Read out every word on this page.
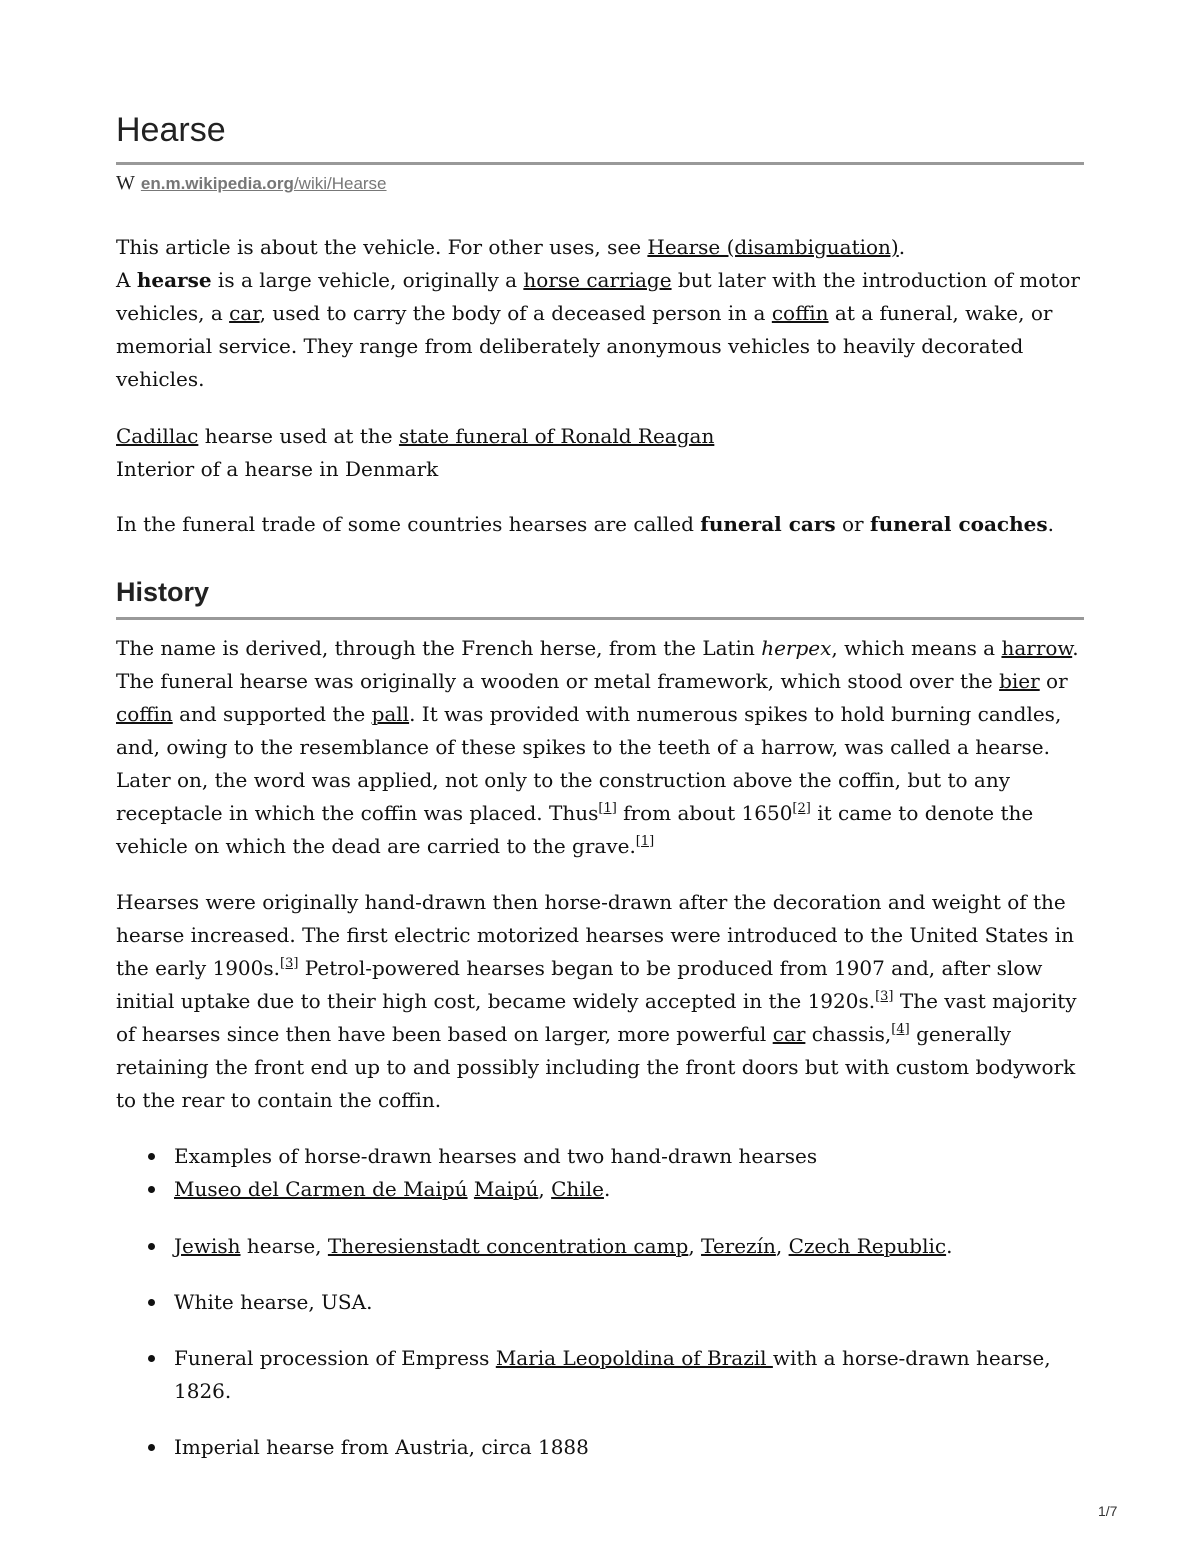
Hearse
W en.m.wikipedia.org/wiki/Hearse
This article is about the vehicle. For other uses, see Hearse (disambiguation).
A hearse is a large vehicle, originally a horse carriage but later with the introduction of motor vehicles, a car, used to carry the body of a deceased person in a coffin at a funeral, wake, or memorial service. They range from deliberately anonymous vehicles to heavily decorated vehicles.
Cadillac hearse used at the state funeral of Ronald Reagan
Interior of a hearse in Denmark
In the funeral trade of some countries hearses are called funeral cars or funeral coaches.
History
The name is derived, through the French herse, from the Latin herpex, which means a harrow. The funeral hearse was originally a wooden or metal framework, which stood over the bier or coffin and supported the pall. It was provided with numerous spikes to hold burning candles, and, owing to the resemblance of these spikes to the teeth of a harrow, was called a hearse. Later on, the word was applied, not only to the construction above the coffin, but to any receptacle in which the coffin was placed. Thus[1] from about 1650[2] it came to denote the vehicle on which the dead are carried to the grave.[1]
Hearses were originally hand-drawn then horse-drawn after the decoration and weight of the hearse increased. The first electric motorized hearses were introduced to the United States in the early 1900s.[3] Petrol-powered hearses began to be produced from 1907 and, after slow initial uptake due to their high cost, became widely accepted in the 1920s.[3] The vast majority of hearses since then have been based on larger, more powerful car chassis,[4] generally retaining the front end up to and possibly including the front doors but with custom bodywork to the rear to contain the coffin.
Examples of horse-drawn hearses and two hand-drawn hearses
Museo del Carmen de Maipú Maipú, Chile.
Jewish hearse, Theresienstadt concentration camp, Terezín, Czech Republic.
White hearse, USA.
Funeral procession of Empress Maria Leopoldina of Brazil with a horse-drawn hearse, 1826.
Imperial hearse from Austria, circa 1888
1/7
